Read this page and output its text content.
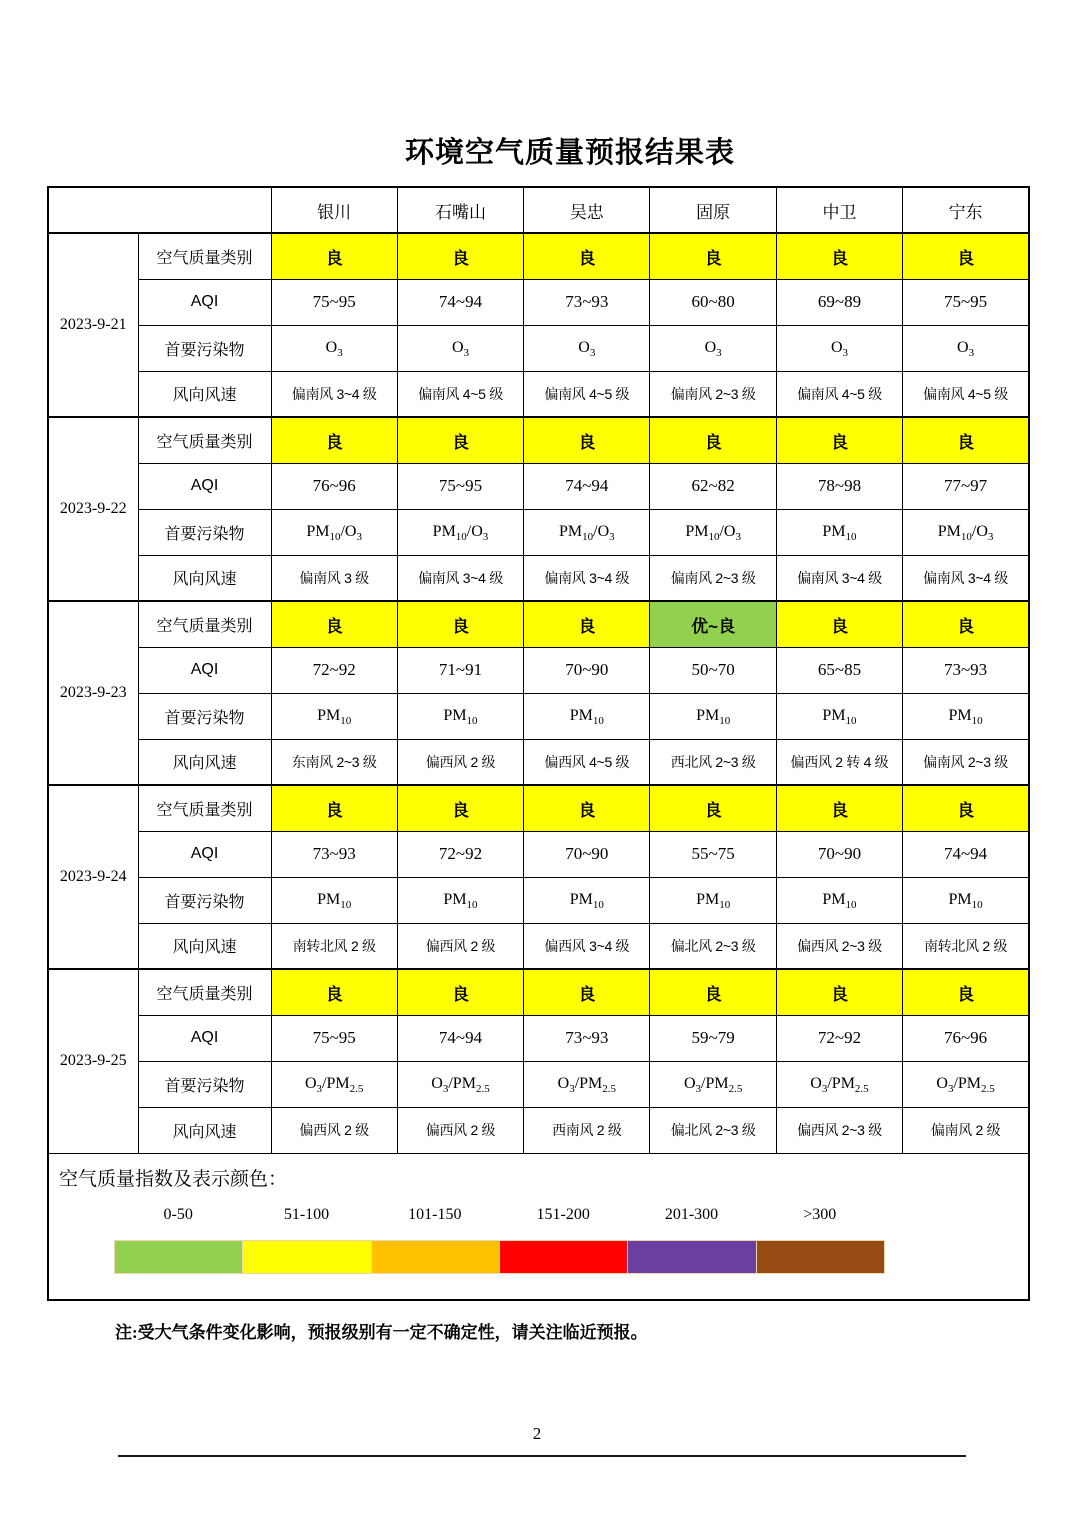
环境空气质量预报结果表
		银川	石嘴山	吴忠	固原	中卫	宁东
2023-9-21	空气质量类别	良	良	良	良	良	良
	AQI	75~95	74~94	73~93	60~80	69~89	75~95
	首要污染物	$O_3$	$O_3$	$O_3$	$O_3$	$O_3$	$O_3$
	风向风速	偏南风 3~4 级	偏南风 4~5 级	偏南风 4~5 级	偏南风 2~3 级	偏南风 4~5 级	偏南风 4~5 级
2023-9-22	空气质量类别	良	良	良	良	良	良
	AQI	76~96	75~95	74~94	62~82	78~98	77~97
	首要污染物	$PM_{10}/O_3$	$PM_{10}/O_3$	$PM_{10}/O_3$	$PM_{10}/O_3$	$PM_{10}$	$PM_{10}/O_3$
	风向风速	偏南风 3 级	偏南风 3~4 级	偏南风 3~4 级	偏南风 2~3 级	偏南风 3~4 级	偏南风 3~4 级
2023-9-23	空气质量类别	良	良	良	优~良	良	良
	AQI	72~92	71~91	70~90	50~70	65~85	73~93
	首要污染物	$PM_{10}$	$PM_{10}$	$PM_{10}$	$PM_{10}$	$PM_{10}$	$PM_{10}$
	风向风速	东南风 2~3 级	偏西风 2 级	偏西风 4~5 级	西北风 2~3 级	偏西风 2 转 4 级	偏南风 2~3 级
2023-9-24	空气质量类别	良	良	良	良	良	良
	AQI	73~93	72~92	70~90	55~75	70~90	74~94
	首要污染物	$PM_{10}$	$PM_{10}$	$PM_{10}$	$PM_{10}$	$PM_{10}$	$PM_{10}$
	风向风速	南转北风 2 级	偏西风 2 级	偏西风 3~4 级	偏北风 2~3 级	偏西风 2~3 级	南转北风 2 级
2023-9-25	空气质量类别	良	良	良	良	良	良
	AQI	75~95	74~94	73~93	59~79	72~92	76~96
	首要污染物	$O_3/PM_{2.5}$	$O_3/PM_{2.5}$	$O_3/PM_{2.5}$	$O_3/PM_{2.5}$	$O_3/PM_{2.5}$	$O_3/PM_{2.5}$
	风向风速	偏西风 2 级	偏西风 2 级	西南风 2 级	偏北风 2~3 级	偏西风 2~3 级	偏南风 2 级

空气质量指数及表示颜色：
0-50	51-100	101-150	151-200	201-300	>300
注:受大气条件变化影响，预报级别有一定不确定性，请关注临近预报。
2
